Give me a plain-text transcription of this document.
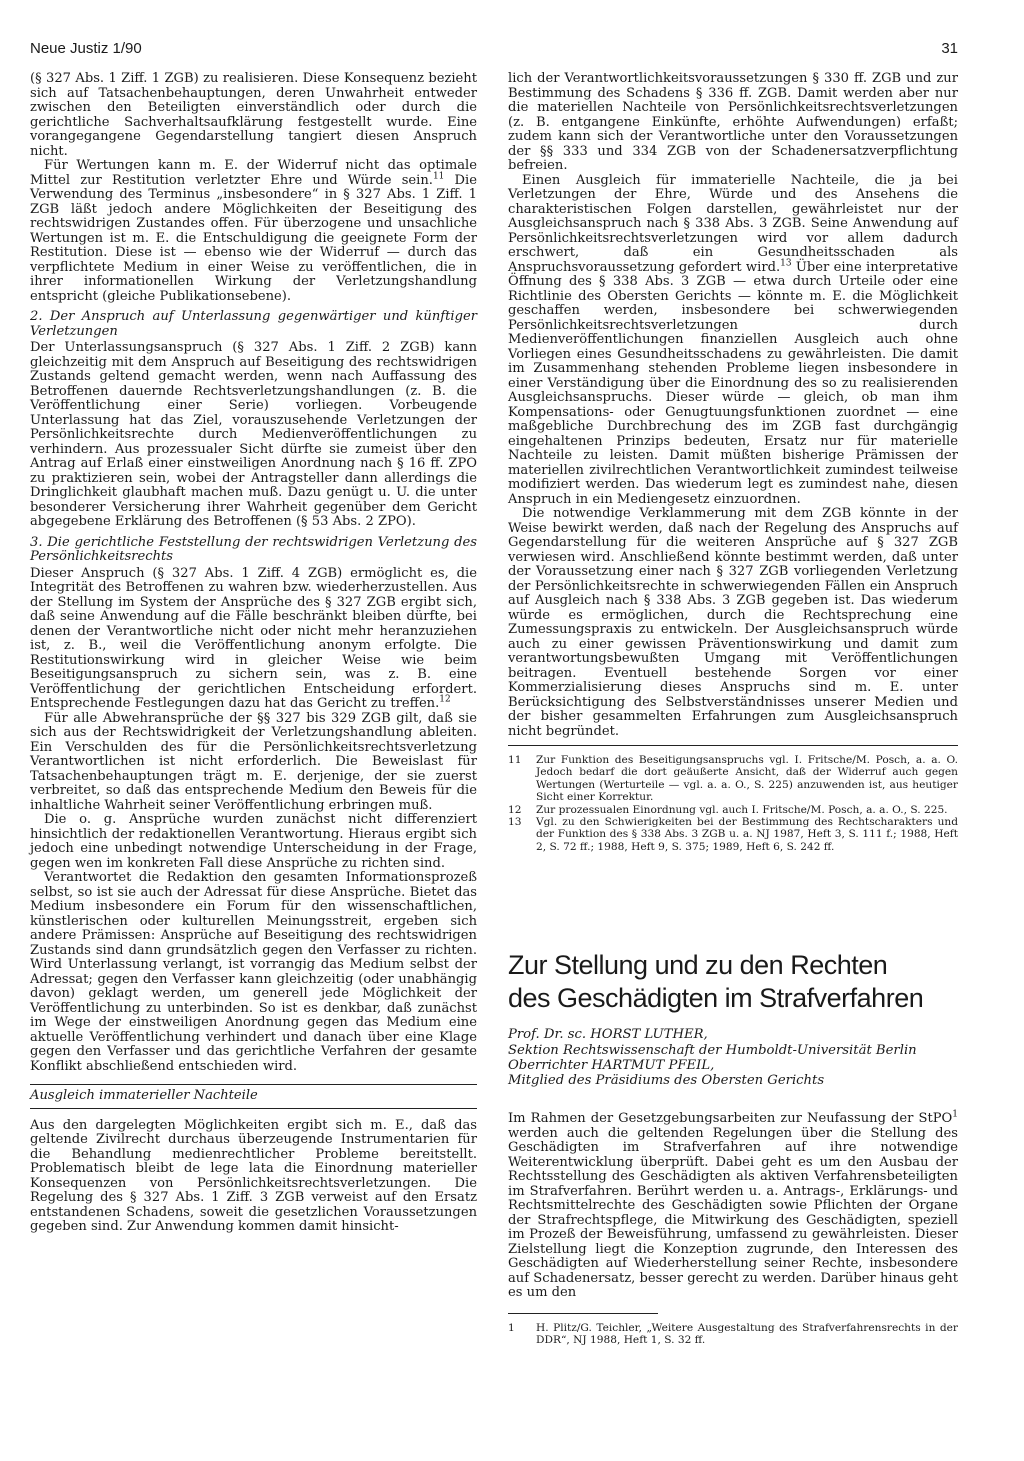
Neue Justiz 1/90	31

(§ 327 Abs. 1 Ziff. 1 ZGB) zu realisieren. Diese Konsequenz bezieht sich auf Tatsachenbehauptungen, deren Unwahrheit entweder zwischen den Beteiligten einverständlich oder durch die gerichtliche Sachverhaltsaufklärung festgestellt wurde. Eine vorangegangene Gegendarstellung tangiert diesen Anspruch nicht.

Für Wertungen kann m. E. der Widerruf nicht das optimale Mittel zur Restitution verletzter Ehre und Würde sein.$^{11}$ Die Verwendung des Terminus „insbesondere“ in § 327 Abs. 1 Ziff. 1 ZGB läßt jedoch andere Möglichkeiten der Beseitigung des rechtswidrigen Zustandes offen. Für überzogene und unsachliche Wertungen ist m. E. die Entschuldigung die geeignete Form der Restitution. Diese ist — ebenso wie der Widerruf — durch das verpflichtete Medium in einer Weise zu veröffentlichen, die in ihrer informationellen Wirkung der Verletzungshandlung entspricht (gleiche Publikationsebene).

2. Der Anspruch auf Unterlassung gegenwärtiger und künftiger Verletzungen

Der Unterlassungsanspruch (§ 327 Abs. 1 Ziff. 2 ZGB) kann gleichzeitig mit dem Anspruch auf Beseitigung des rechtswidrigen Zustands geltend gemacht werden, wenn nach Auffassung des Betroffenen dauernde Rechtsverletzungshandlungen (z. B. die Veröffentlichung einer Serie) vorliegen. Vorbeugende Unterlassung hat das Ziel, vorauszusehende Verletzungen der Persönlichkeitsrechte durch Medienveröffentlichungen zu verhindern. Aus prozessualer Sicht dürfte sie zumeist über den Antrag auf Erlaß einer einstweiligen Anordnung nach § 16 ff. ZPO zu praktizieren sein, wobei der Antragsteller dann allerdings die Dringlichkeit glaubhaft machen muß. Dazu genügt u. U. die unter besonderer Versicherung ihrer Wahrheit gegenüber dem Gericht abgegebene Erklärung des Betroffenen (§ 53 Abs. 2 ZPO).

3. Die gerichtliche Feststellung der rechtswidrigen Verletzung des Persönlichkeitsrechts

Dieser Anspruch (§ 327 Abs. 1 Ziff. 4 ZGB) ermöglicht es, die Integrität des Betroffenen zu wahren bzw. wiederherzustellen. Aus der Stellung im System der Ansprüche des § 327 ZGB ergibt sich, daß seine Anwendung auf die Fälle beschränkt bleiben dürfte, bei denen der Verantwortliche nicht oder nicht mehr heranzuziehen ist, z. B., weil die Veröffentlichung anonym erfolgte. Die Restitutionswirkung wird in gleicher Weise wie beim Beseitigungsanspruch zu sichern sein, was z. B. eine Veröffentlichung der gerichtlichen Entscheidung erfordert. Entsprechende Festlegungen dazu hat das Gericht zu treffen.$^{12}$

Für alle Abwehransprüche der §§ 327 bis 329 ZGB gilt, daß sie sich aus der Rechtswidrigkeit der Verletzungshandlung ableiten. Ein Verschulden des für die Persönlichkeitsrechtsverletzung Verantwortlichen ist nicht erforderlich. Die Beweislast für Tatsachenbehauptungen trägt m. E. derjenige, der sie zuerst verbreitet, so daß das entsprechende Medium den Beweis für die inhaltliche Wahrheit seiner Veröffentlichung erbringen muß.

Die o. g. Ansprüche wurden zunächst nicht differenziert hinsichtlich der redaktionellen Verantwortung. Hieraus ergibt sich jedoch eine unbedingt notwendige Unterscheidung in der Frage, gegen wen im konkreten Fall diese Ansprüche zu richten sind.

Verantwortet die Redaktion den gesamten Informationsprozeß selbst, so ist sie auch der Adressat für diese Ansprüche. Bietet das Medium insbesondere ein Forum für den wissenschaftlichen, künstlerischen oder kulturellen Meinungsstreit, ergeben sich andere Prämissen: Ansprüche auf Beseitigung des rechtswidrigen Zustands sind dann grundsätzlich gegen den Verfasser zu richten. Wird Unterlassung verlangt, ist vorrangig das Medium selbst der Adressat; gegen den Verfasser kann gleichzeitig (oder unabhängig davon) geklagt werden, um generell jede Möglichkeit der Veröffentlichung zu unterbinden. So ist es denkbar, daß zunächst im Wege der einstweiligen Anordnung gegen das Medium eine aktuelle Veröffentlichung verhindert und danach über eine Klage gegen den Verfasser und das gerichtliche Verfahren der gesamte Konflikt abschließend entschieden wird.

Ausgleich immaterieller Nachteile

Aus den dargelegten Möglichkeiten ergibt sich m. E., daß das geltende Zivilrecht durchaus überzeugende Instrumentarien für die Behandlung medienrechtlicher Probleme bereitstellt. Problematisch bleibt de lege lata die Einordnung materieller Konsequenzen von Persönlichkeitsrechtsverletzungen. Die Regelung des § 327 Abs. 1 Ziff. 3 ZGB verweist auf den Ersatz entstandenen Schadens, soweit die gesetzlichen Voraussetzungen gegeben sind. Zur Anwendung kommen damit hinsicht-

lich der Verantwortlichkeitsvoraussetzungen § 330 ff. ZGB und zur Bestimmung des Schadens § 336 ff. ZGB. Damit werden aber nur die materiellen Nachteile von Persönlichkeitsrechtsverletzungen (z. B. entgangene Einkünfte, erhöhte Aufwendungen) erfaßt; zudem kann sich der Verantwortliche unter den Voraussetzungen der §§ 333 und 334 ZGB von der Schadenersatzverpflichtung befreien.

Einen Ausgleich für immaterielle Nachteile, die ja bei Verletzungen der Ehre, Würde und des Ansehens die charakteristischen Folgen darstellen, gewährleistet nur der Ausgleichsanspruch nach § 338 Abs. 3 ZGB. Seine Anwendung auf Persönlichkeitsrechtsverletzungen wird vor allem dadurch erschwert, daß ein Gesundheitsschaden als Anspruchsvoraussetzung gefordert wird.$^{13}$ Über eine interpretative Öffnung des § 338 Abs. 3 ZGB — etwa durch Urteile oder eine Richtlinie des Obersten Gerichts — könnte m. E. die Möglichkeit geschaffen werden, insbesondere bei schwerwiegenden Persönlichkeitsrechtsverletzungen durch Medienveröffentlichungen finanziellen Ausgleich auch ohne Vorliegen eines Gesundheitsschadens zu gewährleisten. Die damit im Zusammenhang stehenden Probleme liegen insbesondere in einer Verständigung über die Einordnung des so zu realisierenden Ausgleichsanspruchs. Dieser würde — gleich, ob man ihm Kompensations- oder Genugtuungsfunktionen zuordnet — eine maßgebliche Durchbrechung des im ZGB fast durchgängig eingehaltenen Prinzips bedeuten, Ersatz nur für materielle Nachteile zu leisten. Damit müßten bisherige Prämissen der materiellen zivilrechtlichen Verantwortlichkeit zumindest teilweise modifiziert werden. Das wiederum legt es zumindest nahe, diesen Anspruch in ein Mediengesetz einzuordnen.

Die notwendige Verklammerung mit dem ZGB könnte in der Weise bewirkt werden, daß nach der Regelung des Anspruchs auf Gegendarstellung für die weiteren Ansprüche auf § 327 ZGB verwiesen wird. Anschließend könnte bestimmt werden, daß unter der Voraussetzung einer nach § 327 ZGB vorliegenden Verletzung der Persönlichkeitsrechte in schwerwiegenden Fällen ein Anspruch auf Ausgleich nach § 338 Abs. 3 ZGB gegeben ist. Das wiederum würde es ermöglichen, durch die Rechtsprechung eine Zumessungspraxis zu entwickeln. Der Ausgleichsanspruch würde auch zu einer gewissen Präventionswirkung und damit zum verantwortungsbewußten Umgang mit Veröffentlichungen beitragen. Eventuell bestehende Sorgen vor einer Kommerzialisierung dieses Anspruchs sind m. E. unter Berücksichtigung des Selbstverständnisses unserer Medien und der bisher gesammelten Erfahrungen zum Ausgleichsanspruch nicht begründet.

11	Zur Funktion des Beseitigungsanspruchs vgl. I. Fritsche/M. Posch, a. a. O. Jedoch bedarf die dort geäußerte Ansicht, daß der Widerruf auch gegen Wertungen (Werturteile — vgl. a. a. O., S. 225) anzuwenden ist, aus heutiger Sicht einer Korrektur.
12	Zur prozessualen Einordnung vgl. auch I. Fritsche/M. Posch, a. a. O., S. 225.
13	Vgl. zu den Schwierigkeiten bei der Bestimmung des Rechtscharakters und der Funktion des § 338 Abs. 3 ZGB u. a. NJ 1987, Heft 3, S. 111 f.; 1988, Heft 2, S. 72 ff.; 1988, Heft 9, S. 375; 1989, Heft 6, S. 242 ff.
Zur Stellung und zu den Rechten
des Geschädigten im Strafverfahren
Prof. Dr. sc. HORST LUTHER,
Sektion Rechtswissenschaft der Humboldt-Universität Berlin
Oberrichter HARTMUT PFEIL,
Mitglied des Präsidiums des Obersten Gerichts

Im Rahmen der Gesetzgebungsarbeiten zur Neufassung der StPO$^1$ werden auch die geltenden Regelungen über die Stellung des Geschädigten im Strafverfahren auf ihre notwendige Weiterentwicklung überprüft. Dabei geht es um den Ausbau der Rechtsstellung des Geschädigten als aktiven Verfahrensbeteiligten im Strafverfahren. Berührt werden u. a. Antrags-, Erklärungs- und Rechtsmittelrechte des Geschädigten sowie Pflichten der Organe der Strafrechtspflege, die Mitwirkung des Geschädigten, speziell im Prozeß der Beweisführung, umfassend zu gewährleisten. Dieser Zielstellung liegt die Konzeption zugrunde, den Interessen des Geschädigten auf Wiederherstellung seiner Rechte, insbesondere auf Schadenersatz, besser gerecht zu werden. Darüber hinaus geht es um den

1	H. Plitz/G. Teichler, „Weitere Ausgestaltung des Strafverfahrensrechts in der DDR“, NJ 1988, Heft 1, S. 32 ff.
